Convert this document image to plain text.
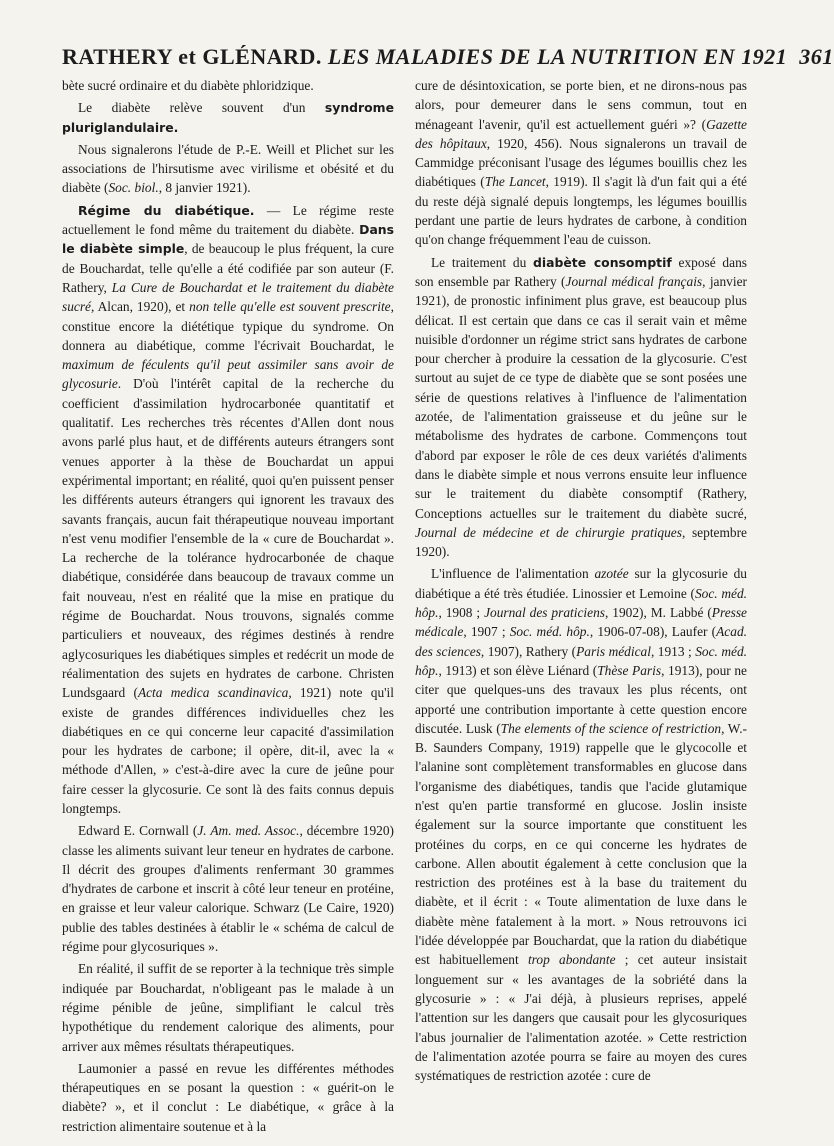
RATHERY et GLÉNARD. LES MALADIES DE LA NUTRITION EN 1921 361

bète sucré ordinaire et du diabète phloridzique.

Le diabète relève souvent d'un syndrome pluriglandulaire.

Nous signalerons l'étude de P.-E. Weill et Plichet sur les associations de l'hirsutisme avec virilisme et obésité et du diabète (Soc. biol., 8 janvier 1921).

Régime du diabétique. — Le régime reste actuellement le fond même du traitement du diabète. Dans le diabète simple, de beaucoup le plus fréquent, la cure de Bouchardat, telle qu'elle a été codifiée par son auteur (F. Rathery, La Cure de Bouchardat et le traitement du diabète sucré, Alcan, 1920), et non telle qu'elle est souvent prescrite, constitue encore la diététique typique du syndrome. On donnera au diabétique, comme l'écrivait Bouchardat, le maximum de féculents qu'il peut assimiler sans avoir de glycosurie. D'où l'intérêt capital de la recherche du coefficient d'assimilation hydrocarbonée quantitatif et qualitatif. Les recherches très récentes d'Allen dont nous avons parlé plus haut, et de différents auteurs étrangers sont venues apporter à la thèse de Bouchardat un appui expérimental important; en réalité, quoi qu'en puissent penser les différents auteurs étrangers qui ignorent les travaux des savants français, aucun fait thérapeutique nouveau important n'est venu modifier l'ensemble de la « cure de Bouchardat ». La recherche de la tolérance hydrocarbonée de chaque diabétique, considérée dans beaucoup de travaux comme un fait nouveau, n'est en réalité que la mise en pratique du régime de Bouchardat. Nous trouvons, signalés comme particuliers et nouveaux, des régimes destinés à rendre aglycosuriques les diabétiques simples et redécrit un mode de réalimentation des sujets en hydrates de carbone. Christen Lundsgaard (Acta medica scandinavica, 1921) note qu'il existe de grandes différences individuelles chez les diabétiques en ce qui concerne leur capacité d'assimilation pour les hydrates de carbone; il opère, dit-il, avec la « méthode d'Allen, » c'est-à-dire avec la cure de jeûne pour faire cesser la glycosurie. Ce sont là des faits connus depuis longtemps.

Edward E. Cornwall (J. Am. med. Assoc., décembre 1920) classe les aliments suivant leur teneur en hydrates de carbone. Il décrit des groupes d'aliments renfermant 30 grammes d'hydrates de carbone et inscrit à côté leur teneur en protéine, en graisse et leur valeur calorique. Schwarz (Le Caire, 1920) publie des tables destinées à établir le « schéma de calcul de régime pour glycosuriques ».

En réalité, il suffit de se reporter à la technique très simple indiquée par Bouchardat, n'obligeant pas le malade à un régime pénible de jeûne, simplifiant le calcul très hypothétique du rendement calorique des aliments, pour arriver aux mêmes résultats thérapeutiques.

Laumonier a passé en revue les différentes méthodes thérapeutiques en se posant la question : « guérit-on le diabète? », et il conclut : Le diabétique, « grâce à la restriction alimentaire soutenue et à la

cure de désintoxication, se porte bien, et ne dirons-nous pas alors, pour demeurer dans le sens commun, tout en ménageant l'avenir, qu'il est actuellement guéri »? (Gazette des hôpitaux, 1920, 456). Nous signalerons un travail de Cammidge préconisant l'usage des légumes bouillis chez les diabétiques (The Lancet, 1919). Il s'agit là d'un fait qui a été du reste déjà signalé depuis longtemps, les légumes bouillis perdant une partie de leurs hydrates de carbone, à condition qu'on change fréquemment l'eau de cuisson.

Le traitement du diabète consomptif exposé dans son ensemble par Rathery (Journal médical français, janvier 1921), de pronostic infiniment plus grave, est beaucoup plus délicat. Il est certain que dans ce cas il serait vain et même nuisible d'ordonner un régime strict sans hydrates de carbone pour chercher à produire la cessation de la glycosurie. C'est surtout au sujet de ce type de diabète que se sont posées une série de questions relatives à l'influence de l'alimentation azotée, de l'alimentation graisseuse et du jeûne sur le métabolisme des hydrates de carbone. Commençons tout d'abord par exposer le rôle de ces deux variétés d'aliments dans le diabète simple et nous verrons ensuite leur influence sur le traitement du diabète consomptif (Rathery, Conceptions actuelles sur le traitement du diabète sucré, Journal de médecine et de chirurgie pratiques, septembre 1920).

L'influence de l'alimentation azotée sur la glycosurie du diabétique a été très étudiée. Linossier et Lemoine (Soc. méd. hôp., 1908 ; Journal des praticiens, 1902), M. Labbé (Presse médicale, 1907 ; Soc. méd. hôp., 1906-07-08), Laufer (Acad. des sciences, 1907), Rathery (Paris médical, 1913 ; Soc. méd. hôp., 1913) et son élève Liénard (Thèse Paris, 1913), pour ne citer que quelques-uns des travaux les plus récents, ont apporté une contribution importante à cette question encore discutée. Lusk (The elements of the science of restriction, W.-B. Saunders Company, 1919) rappelle que le glycocolle et l'alanine sont complètement transformables en glucose dans l'organisme des diabétiques, tandis que l'acide glutamique n'est qu'en partie transformé en glucose. Joslin insiste également sur la source importante que constituent les protéines du corps, en ce qui concerne les hydrates de carbone. Allen aboutit également à cette conclusion que la restriction des protéines est à la base du traitement du diabète, et il écrit : « Toute alimentation de luxe dans le diabète mène fatalement à la mort. » Nous retrouvons ici l'idée développée par Bouchardat, que la ration du diabétique est habituellement trop abondante ; cet auteur insistait longuement sur « les avantages de la sobriété dans la glycosurie » : « J'ai déjà, à plusieurs reprises, appelé l'attention sur les dangers que causait pour les glycosuriques l'abus journalier de l'alimentation azotée. » Cette restriction de l'alimentation azotée pourra se faire au moyen des cures systématiques de restriction azotée : cure de
